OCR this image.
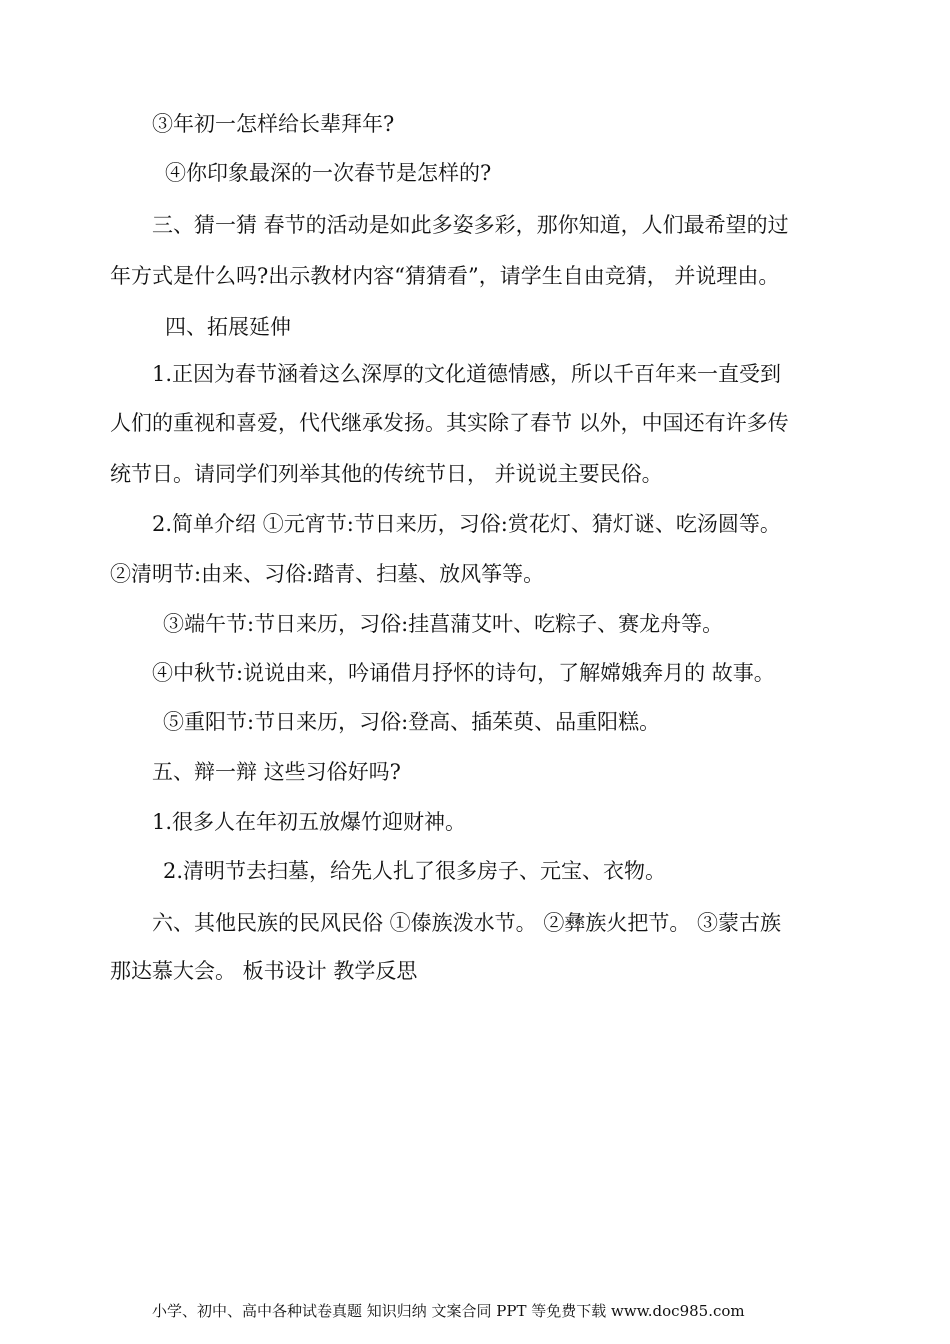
③年初一怎样给长辈拜年?
④你印象最深的一次春节是怎样的?
三、猜一猜 春节的活动是如此多姿多彩，那你知道，人们最希望的过
年方式是什么吗?出示教材内容“猜猜看”，请学生自由竞猜， 并说理由。
四、拓展延伸
1.正因为春节涵着这么深厚的文化道德情感，所以千百年来一直受到
人们的重视和喜爱，代代继承发扬。其实除了春节 以外，中国还有许多传
统节日。请同学们列举其他的传统节日， 并说说主要民俗。
2.简单介绍 ①元宵节:节日来历，习俗:赏花灯、猜灯谜、吃汤圆等。
②清明节:由来、习俗:踏青、扫墓、放风筝等。
③端午节:节日来历，习俗:挂菖蒲艾叶、吃粽子、赛龙舟等。
④中秋节:说说由来，吟诵借月抒怀的诗句，了解嫦娥奔月的 故事。
⑤重阳节:节日来历，习俗:登高、插茱萸、品重阳糕。
五、辩一辩 这些习俗好吗?
1.很多人在年初五放爆竹迎财神。
2.清明节去扫墓，给先人扎了很多房子、元宝、衣物。
六、其他民族的民风民俗 ①傣族泼水节。 ②彝族火把节。 ③蒙古族
那达慕大会。 板书设计 教学反思
小学、初中、高中各种试卷真题 知识归纳 文案合同 PPT 等免费下载 www.doc985.com
